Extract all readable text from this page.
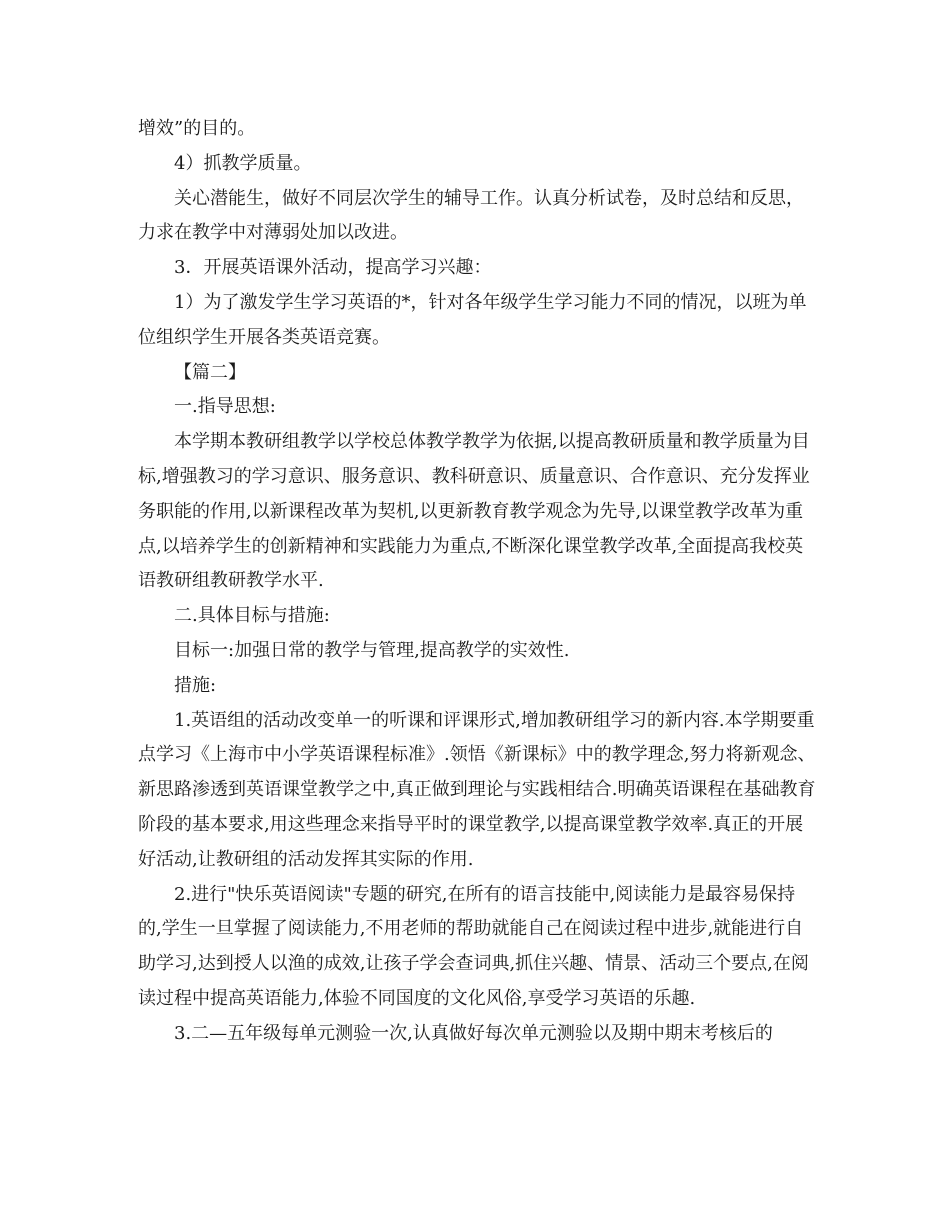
增效”的目的。

4）抓教学质量。

关心潜能生，做好不同层次学生的辅导工作。认真分析试卷，及时总结和反思，力求在教学中对薄弱处加以改进。

3．开展英语课外活动，提高学习兴趣：

1）为了激发学生学习英语的*，针对各年级学生学习能力不同的情况，以班为单位组织学生开展各类英语竞赛。

【篇二】

一.指导思想:

本学期本教研组教学以学校总体教学教学为依据,以提高教研质量和教学质量为目标,增强教习的学习意识、服务意识、教科研意识、质量意识、合作意识、充分发挥业务职能的作用,以新课程改革为契机,以更新教育教学观念为先导,以课堂教学改革为重点,以培养学生的创新精神和实践能力为重点,不断深化课堂教学改革,全面提高我校英语教研组教研教学水平.

二.具体目标与措施:

目标一:加强日常的教学与管理,提高教学的实效性.

措施:

1.英语组的活动改变单一的听课和评课形式,增加教研组学习的新内容.本学期要重点学习《上海市中小学英语课程标准》.领悟《新课标》中的教学理念,努力将新观念、新思路渗透到英语课堂教学之中,真正做到理论与实践相结合.明确英语课程在基础教育阶段的基本要求,用这些理念来指导平时的课堂教学,以提高课堂教学效率.真正的开展好活动,让教研组的活动发挥其实际的作用.

2.进行"快乐英语阅读"专题的研究,在所有的语言技能中,阅读能力是最容易保持的,学生一旦掌握了阅读能力,不用老师的帮助就能自己在阅读过程中进步,就能进行自助学习,达到授人以渔的成效,让孩子学会查词典,抓住兴趣、情景、活动三个要点,在阅读过程中提高英语能力,体验不同国度的文化风俗,享受学习英语的乐趣.

3.二—五年级每单元测验一次,认真做好每次单元测验以及期中期末考核后的
